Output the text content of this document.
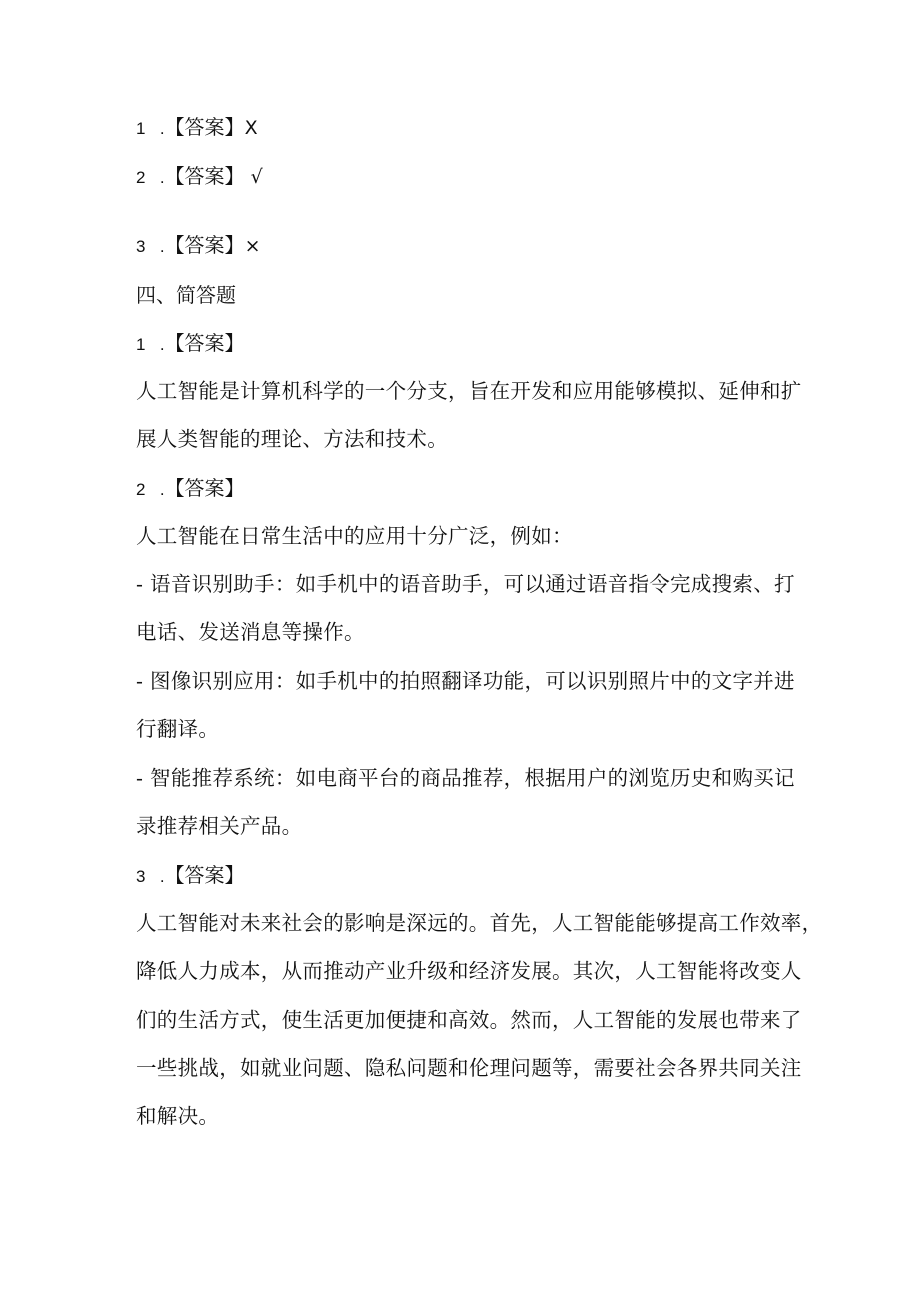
1 .【答案】X
2 .【答案】 √
3 .【答案】×
四、简答题
1 .【答案】
人工智能是计算机科学的一个分支，旨在开发和应用能够模拟、延伸和扩
展人类智能的理论、方法和技术。
2 .【答案】
人工智能在日常生活中的应用十分广泛，例如：
- 语音识别助手：如手机中的语音助手，可以通过语音指令完成搜索、打
电话、发送消息等操作。
- 图像识别应用：如手机中的拍照翻译功能，可以识别照片中的文字并进
行翻译。
- 智能推荐系统：如电商平台的商品推荐，根据用户的浏览历史和购买记
录推荐相关产品。
3 .【答案】
人工智能对未来社会的影响是深远的。首先，人工智能能够提高工作效率，
降低人力成本，从而推动产业升级和经济发展。其次，人工智能将改变人
们的生活方式，使生活更加便捷和高效。然而，人工智能的发展也带来了
一些挑战，如就业问题、隐私问题和伦理问题等，需要社会各界共同关注
和解决。
